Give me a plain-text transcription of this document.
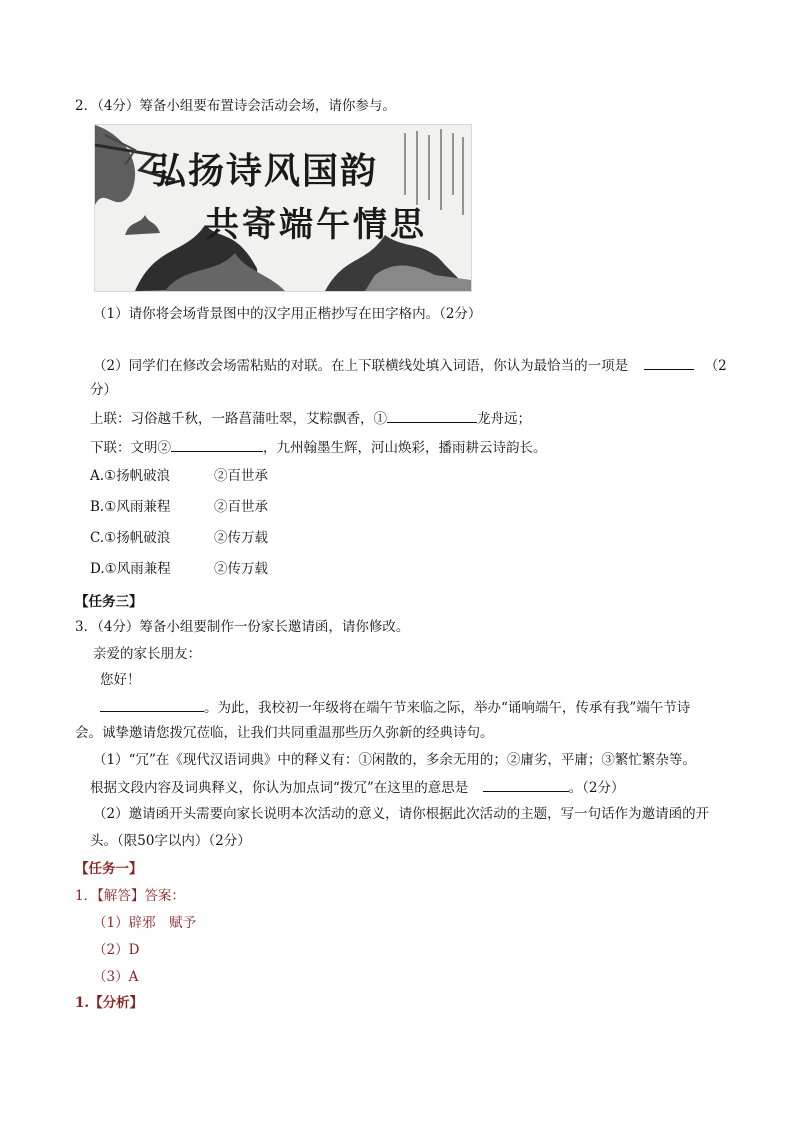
2．（4分）筹备小组要布置诗会活动会场，请你参与。
弘扬诗风国韵
共寄端午情思
（1）请你将会场背景图中的汉字用正楷抄写在田字格内。（2分）
（2）同学们在修改会场需粘贴的对联。在上下联横线处填入词语，你认为最恰当的一项是	（2
分）
上联：习俗越千秋，一路菖蒲吐翠，艾粽飘香，①	龙舟远；
下联：文明②	，九州翰墨生辉，河山焕彩，播雨耕云诗韵长。
A.①扬帆破浪	②百世承
B.①风雨兼程	②百世承
C.①扬帆破浪	②传万载
D.①风雨兼程	②传万载
【任务三】
3．（4分）筹备小组要制作一份家长邀请函，请你修改。
亲爱的家长朋友：
您好！
。为此，我校初一年级将在端午节来临之际，举办“诵响端午，传承有我”端午节诗
会。诚挚邀请您拨冗莅临，让我们共同重温那些历久弥新的经典诗句。
（1）“冗”在《现代汉语词典》中的释义有：①闲散的，多余无用的；②庸劣，平庸；③繁忙繁杂等。
根据文段内容及词典释义，你认为加点词“拨冗”在这里的意思是	。（2分）
（2）邀请函开头需要向家长说明本次活动的意义，请你根据此次活动的主题，写一句话作为邀请函的开
头。（限50字以内）（2分）
【任务一】
1．【解答】答案：
（1）辟邪　赋予
（2）D
（3）A
1.【分析】
